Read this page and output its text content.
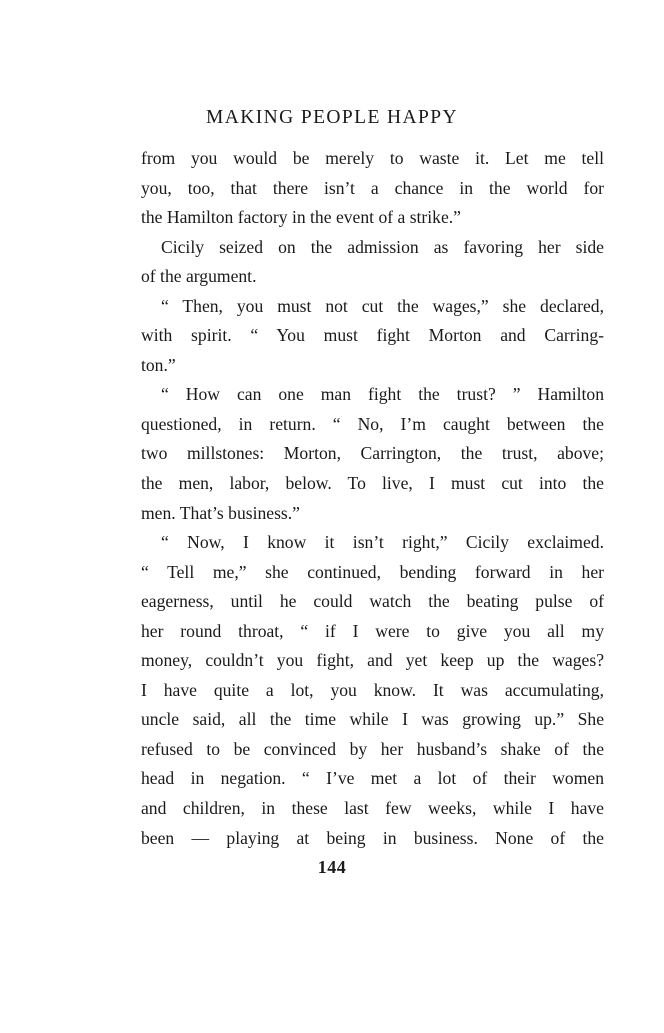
MAKING PEOPLE HAPPY
from you would be merely to waste it. Let me tell
you, too, that there isn’t a chance in the world for
the Hamilton factory in the event of a strike.”
Cicily seized on the admission as favoring her side
of the argument.
“ Then, you must not cut the wages,” she declared,
with spirit. “ You must fight Morton and Carring-
ton.”
“ How can one man fight the trust? ” Hamilton
questioned, in return. “ No, I’m caught between the
two millstones: Morton, Carrington, the trust, above;
the men, labor, below. To live, I must cut into the
men. That’s business.”
“ Now, I know it isn’t right,” Cicily exclaimed.
“ Tell me,” she continued, bending forward in her
eagerness, until he could watch the beating pulse of
her round throat, “ if I were to give you all my
money, couldn’t you fight, and yet keep up the wages?
I have quite a lot, you know. It was accumulating,
uncle said, all the time while I was growing up.” She
refused to be convinced by her husband’s shake of the
head in negation. “ I’ve met a lot of their women
and children, in these last few weeks, while I have
been — playing at being in business. None of the
144
